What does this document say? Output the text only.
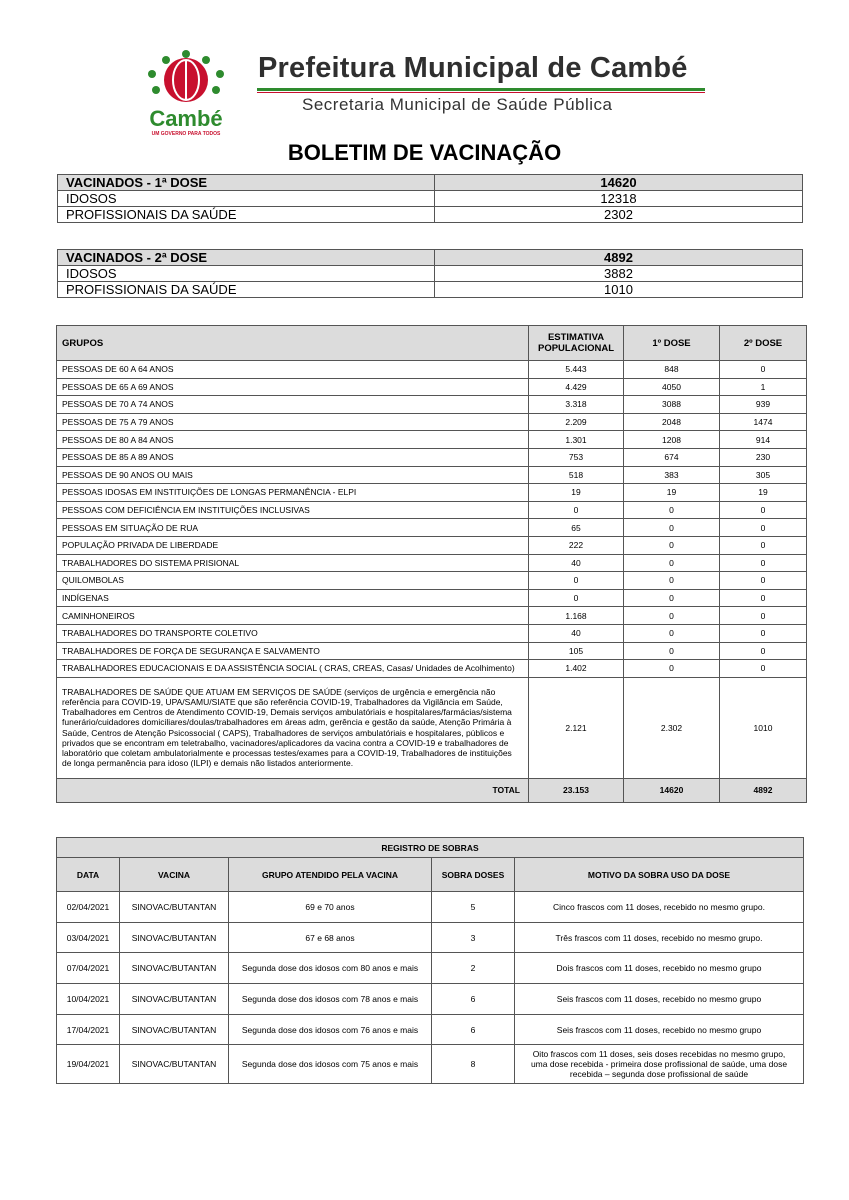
Cambé
UM GOVERNO PARA TODOS
Prefeitura Municipal de Cambé
Secretaria Municipal de Saúde Pública
BOLETIM DE VACINAÇÃO
VACINADOS - 1ª DOSE	14620
IDOSOS	12318
PROFISSIONAIS DA SAÚDE	2302
VACINADOS - 2ª DOSE	4892
IDOSOS	3882
PROFISSIONAIS DA SAÚDE	1010
GRUPOS	ESTIMATIVA POPULACIONAL	1º DOSE	2º DOSE
PESSOAS DE 60 A 64 ANOS	5.443	848	0
PESSOAS DE 65 A 69 ANOS	4.429	4050	1
PESSOAS DE 70 A 74 ANOS	3.318	3088	939
PESSOAS DE 75 A 79 ANOS	2.209	2048	1474
PESSOAS DE 80 A 84 ANOS	1.301	1208	914
PESSOAS DE 85 A 89 ANOS	753	674	230
PESSOAS DE 90 ANOS OU MAIS	518	383	305
PESSOAS IDOSAS EM INSTITUIÇÕES DE LONGAS PERMANÊNCIA - ELPI	19	19	19
PESSOAS COM DEFICIÊNCIA EM INSTITUIÇÕES INCLUSIVAS	0	0	0
PESSOAS EM SITUAÇÃO DE RUA	65	0	0
POPULAÇÃO PRIVADA DE LIBERDADE	222	0	0
TRABALHADORES DO SISTEMA PRISIONAL	40	0	0
QUILOMBOLAS	0	0	0
INDÍGENAS	0	0	0
CAMINHONEIROS	1.168	0	0
TRABALHADORES DO TRANSPORTE COLETIVO	40	0	0
TRABALHADORES DE FORÇA DE SEGURANÇA E SALVAMENTO	105	0	0
TRABALHADORES EDUCACIONAIS E DA ASSISTÊNCIA SOCIAL ( CRAS, CREAS, Casas/ Unidades de Acolhimento)	1.402	0	0
TRABALHADORES DE SAÚDE QUE ATUAM EM SERVIÇOS DE SAÚDE (serviços de urgência e emergência não referência para COVID-19, UPA/SAMU/SIATE que são referência COVID-19, Trabalhadores da Vigilância em Saúde, Trabalhadores em Centros de Atendimento COVID-19, Demais serviços ambulatóriais e hospitalares/farmácias/sistema funerário/cuidadores domiciliares/doulas/trabalhadores em áreas adm, gerência e gestão da saúde, Atenção Primária à Saúde, Centros de Atenção Psicossocial ( CAPS), Trabalhadores de serviços ambulatóriais e hospitalares, públicos e privados que se encontram em teletrabalho, vacinadores/aplicadores da vacina contra a COVID-19 e trabalhadores de laboratório que coletam ambulatorialmente e processas testes/exames para a COVID-19, Trabalhadores de instituições de longa permanência para idoso (ILPI) e demais não listados anteriormente.	2.121	2.302	1010
TOTAL	23.153	14620	4892
REGISTRO DE SOBRAS				
DATA	VACINA	GRUPO ATENDIDO PELA VACINA	SOBRA DOSES	MOTIVO DA SOBRA USO DA DOSE
02/04/2021	SINOVAC/BUTANTAN	69 e 70 anos	5	Cinco frascos com 11 doses, recebido no mesmo grupo.
03/04/2021	SINOVAC/BUTANTAN	67 e 68 anos	3	Três frascos com 11 doses, recebido no mesmo grupo.
07/04/2021	SINOVAC/BUTANTAN	Segunda dose dos idosos com 80 anos e mais	2	Dois frascos com 11 doses, recebido no mesmo grupo
10/04/2021	SINOVAC/BUTANTAN	Segunda dose dos idosos com 78 anos e mais	6	Seis frascos com 11 doses, recebido no mesmo grupo
17/04/2021	SINOVAC/BUTANTAN	Segunda dose dos idosos com 76 anos e mais	6	Seis frascos com 11 doses, recebido no mesmo grupo
19/04/2021	SINOVAC/BUTANTAN	Segunda dose dos idosos com 75 anos e mais	8	Oito frascos com 11 doses, seis doses recebidas no mesmo grupo, uma dose recebida - primeira dose profissional de saúde, uma dose recebida – segunda dose profissional de saúde
